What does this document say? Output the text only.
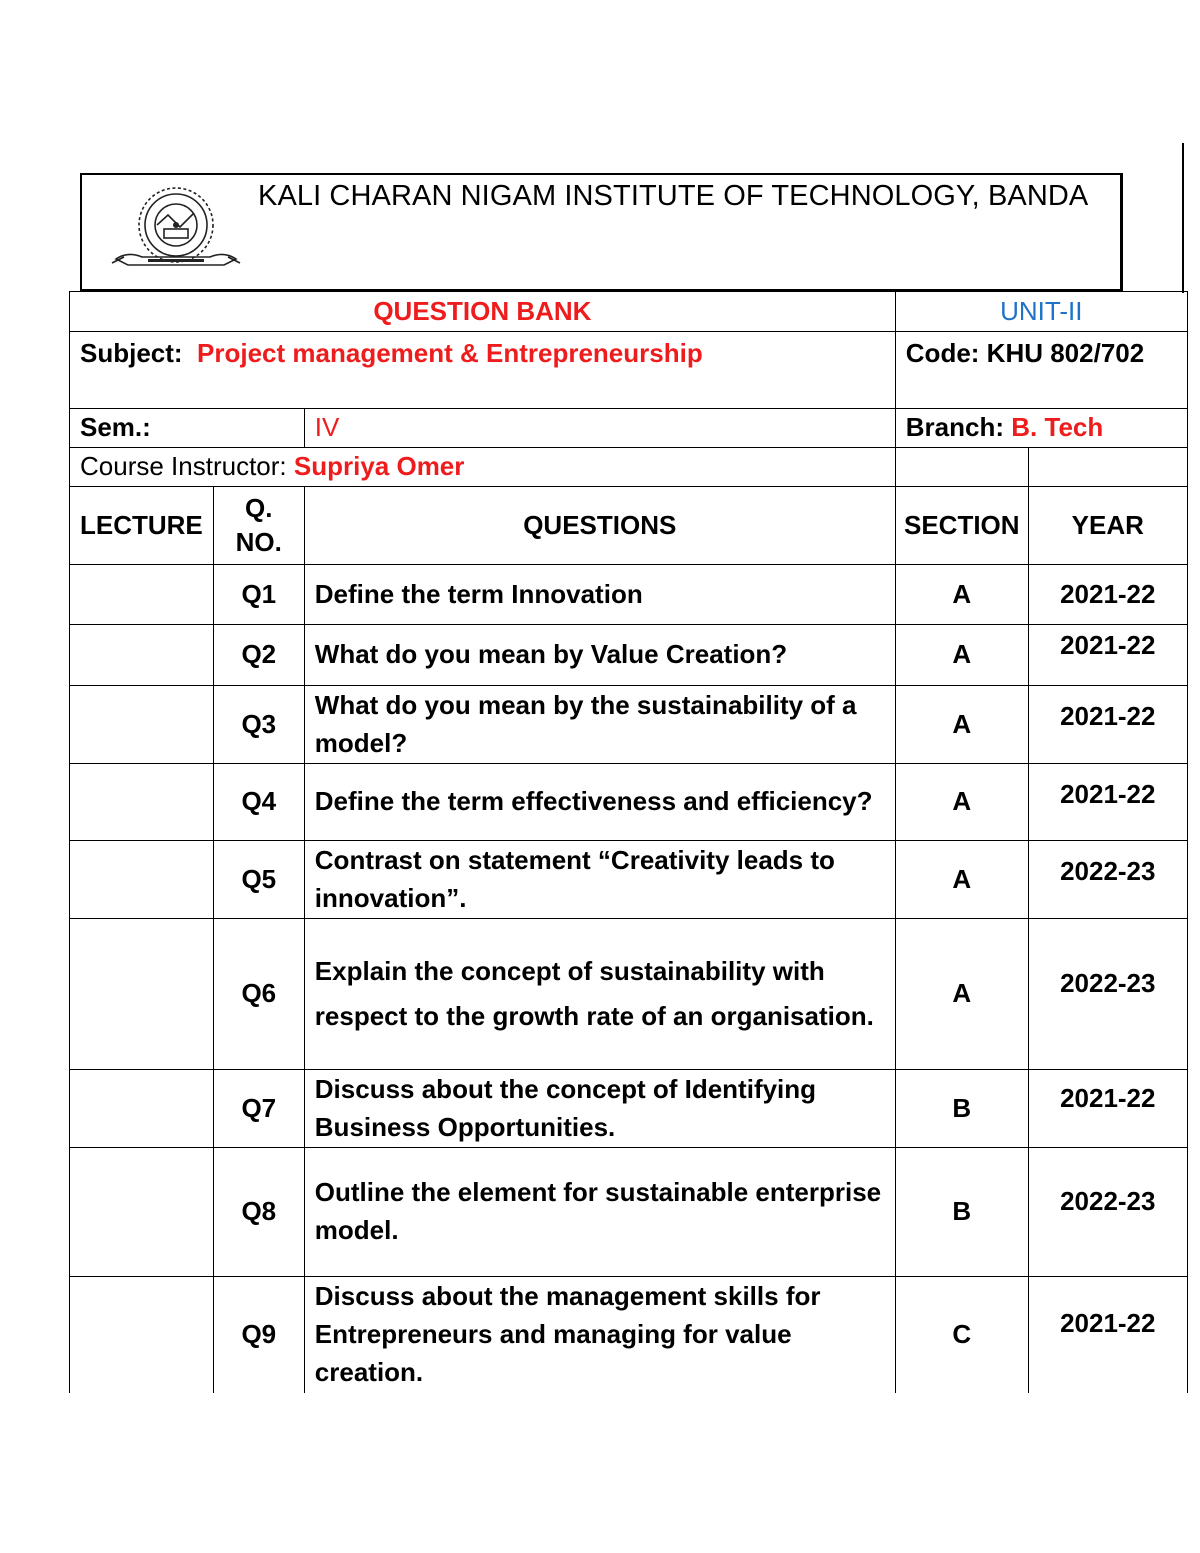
KALI CHARAN NIGAM INSTITUTE OF TECHNOLOGY, BANDA
QUESTION BANK			UNIT-II	
Subject: Project management & Entrepreneurship			Code: KHU 802/702	
Sem.:		IV	Branch: B. Tech	
Course Instructor: Supriya Omer				
LECTURE	Q. NO.	QUESTIONS	SECTION	YEAR
	Q1	Define the term Innovation	A	2021-22
	Q2	What do you mean by Value Creation?	A	2021-22
	Q3	What do you mean by the sustainability of a model?	A	2021-22
	Q4	Define the term effectiveness and efficiency?	A	2021-22
	Q5	Contrast on statement “Creativity leads to innovation”.	A	2022-23
	Q6	Explain the concept of sustainability with respect to the growth rate of an organisation.	A	2022-23
	Q7	Discuss about the concept of Identifying Business Opportunities.	B	2021-22
	Q8	Outline the element for sustainable enterprise model.	B	2022-23
	Q9	Discuss about the management skills for Entrepreneurs and managing for value creation.	C	2021-22
